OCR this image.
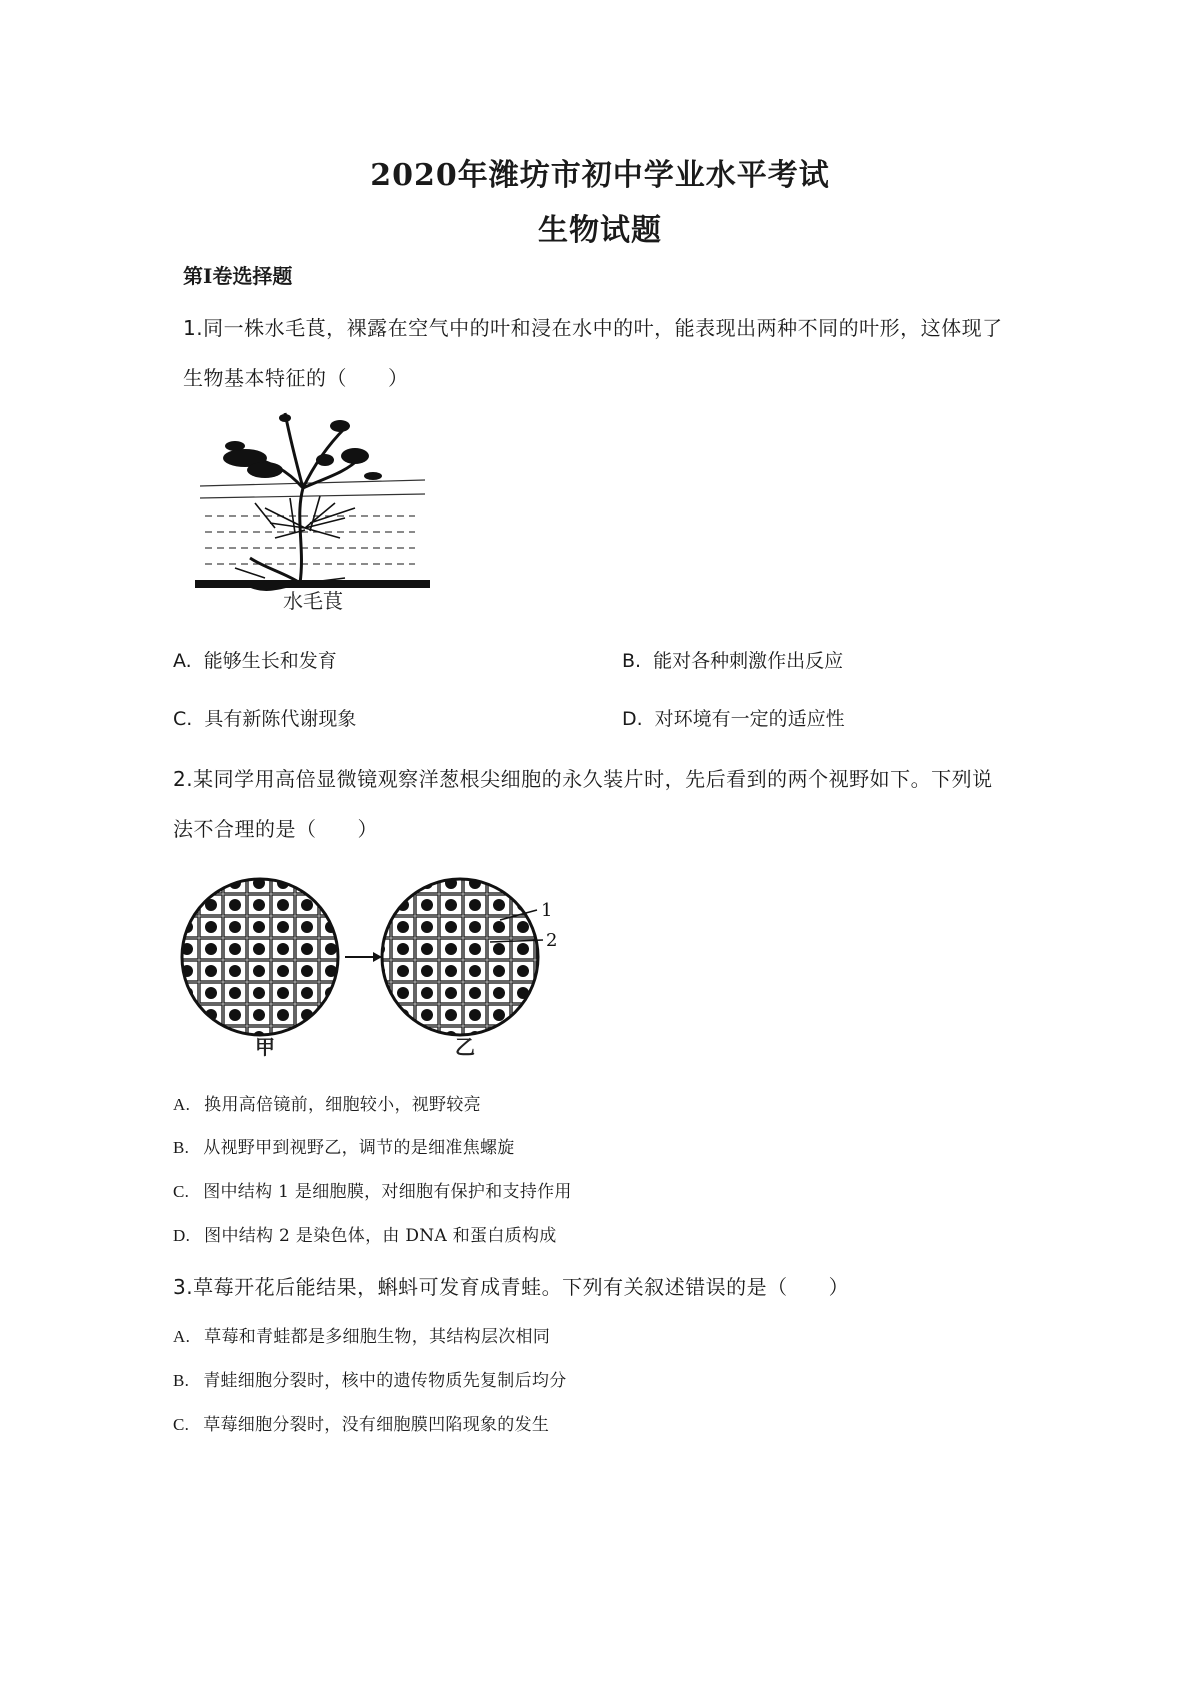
2020年潍坊市初中学业水平考试
生物试题
第Ⅰ卷选择题
1.同一株水毛茛，裸露在空气中的叶和浸在水中的叶，能表现出两种不同的叶形，这体现了
生物基本特征的（　　）
水毛茛
A. 能够生长和发育	B. 能对各种刺激作出反应
C. 具有新陈代谢现象	D. 对环境有一定的适应性
2.某同学用高倍显微镜观察洋葱根尖细胞的永久装片时，先后看到的两个视野如下。下列说
法不合理的是（　　）
1
2
甲	乙
A. 换用高倍镜前，细胞较小，视野较亮
B. 从视野甲到视野乙，调节的是细准焦螺旋
C. 图中结构 1 是细胞膜，对细胞有保护和支持作用
D. 图中结构 2 是染色体，由 DNA 和蛋白质构成
3.草莓开花后能结果，蝌蚪可发育成青蛙。下列有关叙述错误的是（　　）
A. 草莓和青蛙都是多细胞生物，其结构层次相同
B. 青蛙细胞分裂时，核中的遗传物质先复制后均分
C. 草莓细胞分裂时，没有细胞膜凹陷现象的发生
